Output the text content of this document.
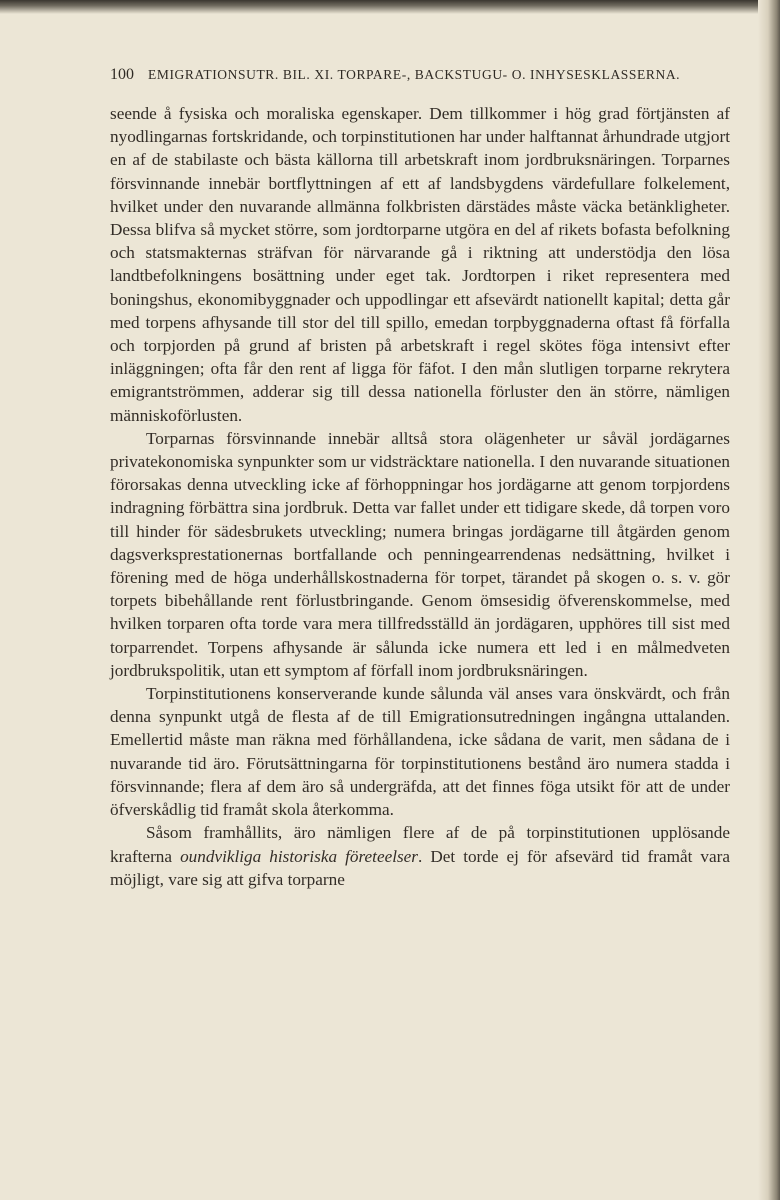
100 EMIGRATIONSUTR. BIL. XI. TORPARE-, BACKSTUGU- O. INHYSESKLASSERNA.

seende å fysiska och moraliska egenskaper. Dem tillkommer i hög grad förtjänsten af nyodlingarnas fortskridande, och torpinstitutionen har under halftannat århundrade utgjort en af de stabilaste och bästa källorna till arbetskraft inom jordbruksnäringen. Torparnes försvinnande innebär bortflyttningen af ett af landsbygdens värdefullare folkelement, hvilket under den nuvarande allmänna folkbristen därstädes måste väcka betänkligheter. Dessa blifva så mycket större, som jordtorparne utgöra en del af rikets bofasta befolkning och statsmakternas sträfvan för närvarande gå i riktning att understödja den lösa landtbefolkningens bosättning under eget tak. Jordtorpen i riket representera med boningshus, ekonomibyggnader och uppodlingar ett afsevärdt nationellt kapital; detta går med torpens afhysande till stor del till spillo, emedan torpbyggnaderna oftast få förfalla och torpjorden på grund af bristen på arbetskraft i regel skötes föga intensivt efter inläggningen; ofta får den rent af ligga för fäfot. I den mån slutligen torparne rekrytera emigrantströmmen, adderar sig till dessa nationella förluster den än större, nämligen människoförlusten.

Torparnas försvinnande innebär alltså stora olägenheter ur såväl jordägarnes privatekonomiska synpunkter som ur vidsträcktare nationella. I den nuvarande situationen förorsakas denna utveckling icke af förhoppningar hos jordägarne att genom torpjordens indragning förbättra sina jordbruk. Detta var fallet under ett tidigare skede, då torpen voro till hinder för sädesbrukets utveckling; numera bringas jordägarne till åtgärden genom dagsverksprestationernas bortfallande och penningearrendenas nedsättning, hvilket i förening med de höga underhållskostnaderna för torpet, tärandet på skogen o. s. v. gör torpets bibehållande rent förlustbringande. Genom ömsesidig öfverenskommelse, med hvilken torparen ofta torde vara mera tillfredsställd än jordägaren, upphöres till sist med torparrendet. Torpens afhysande är sålunda icke numera ett led i en målmedveten jordbrukspolitik, utan ett symptom af förfall inom jordbruksnäringen.

Torpinstitutionens konserverande kunde sålunda väl anses vara önskvärdt, och från denna synpunkt utgå de flesta af de till Emigrationsutredningen ingångna uttalanden. Emellertid måste man räkna med förhållandena, icke sådana de varit, men sådana de i nuvarande tid äro. Förutsättningarna för torpinstitutionens bestånd äro numera stadda i försvinnande; flera af dem äro så undergräfda, att det finnes föga utsikt för att de under öfverskådlig tid framåt skola återkomma.

Såsom framhållits, äro nämligen flere af de på torpinstitutionen upplösande krafterna oundvikliga historiska företeelser. Det torde ej för afsevärd tid framåt vara möjligt, vare sig att gifva torparne
